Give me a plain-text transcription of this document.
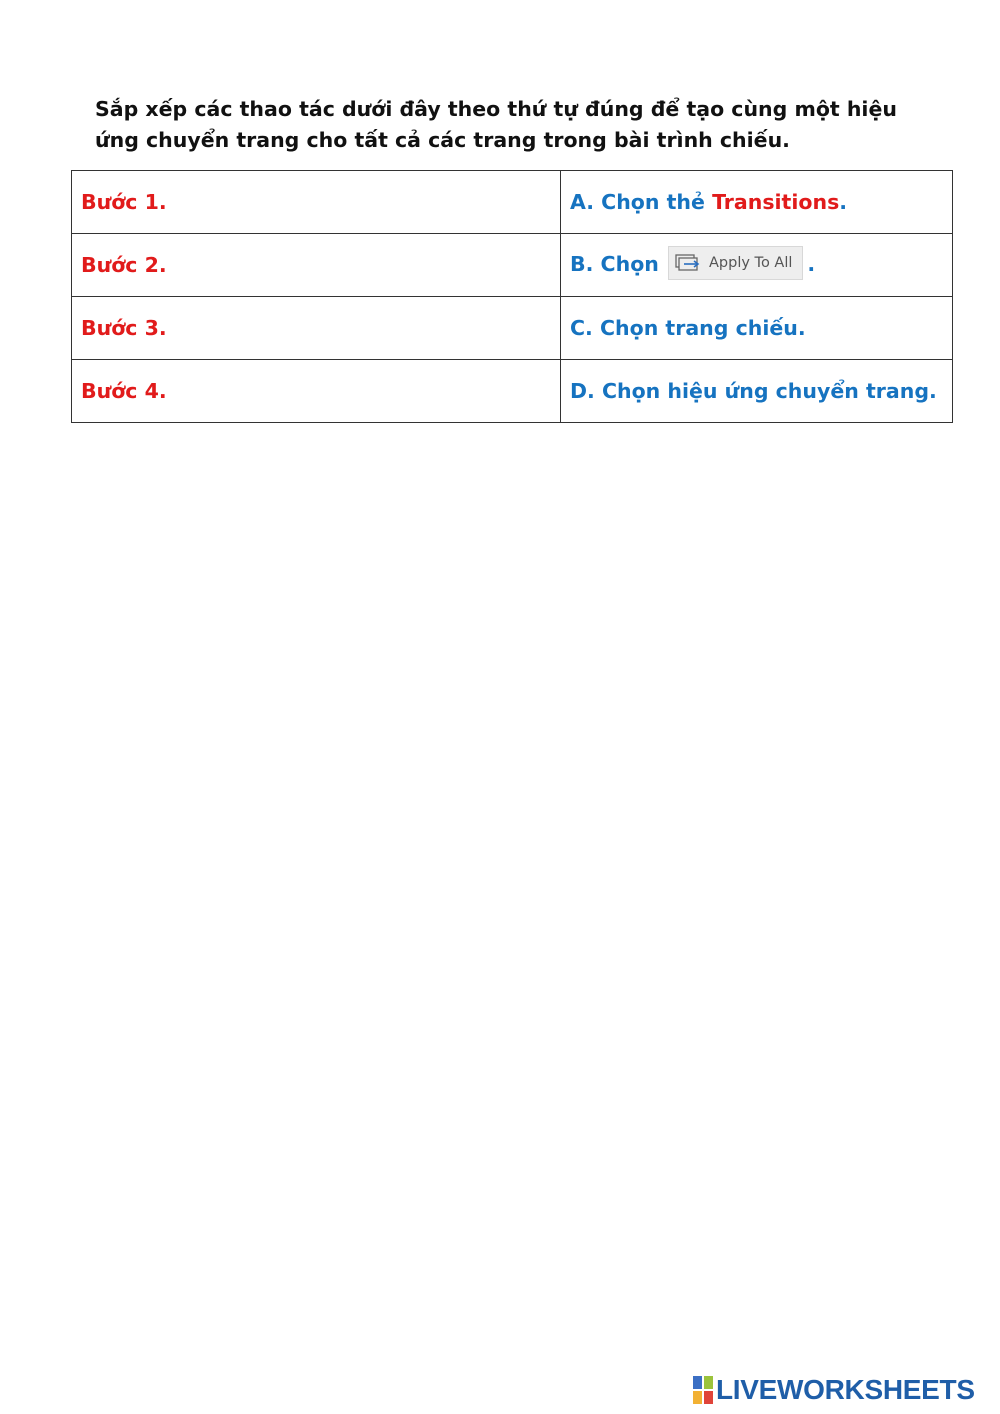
Sắp xếp các thao tác dưới đây theo thứ tự đúng để tạo cùng một hiệu ứng chuyển trang cho tất cả các trang trong bài trình chiếu.
Bước 1.	A. Chọn thẻ Transitions.
Bước 2.	B. Chọn Apply To All .
Bước 3.	C. Chọn trang chiếu.
Bước 4.	D. Chọn hiệu ứng chuyển trang.
LIVEWORKSHEETS
